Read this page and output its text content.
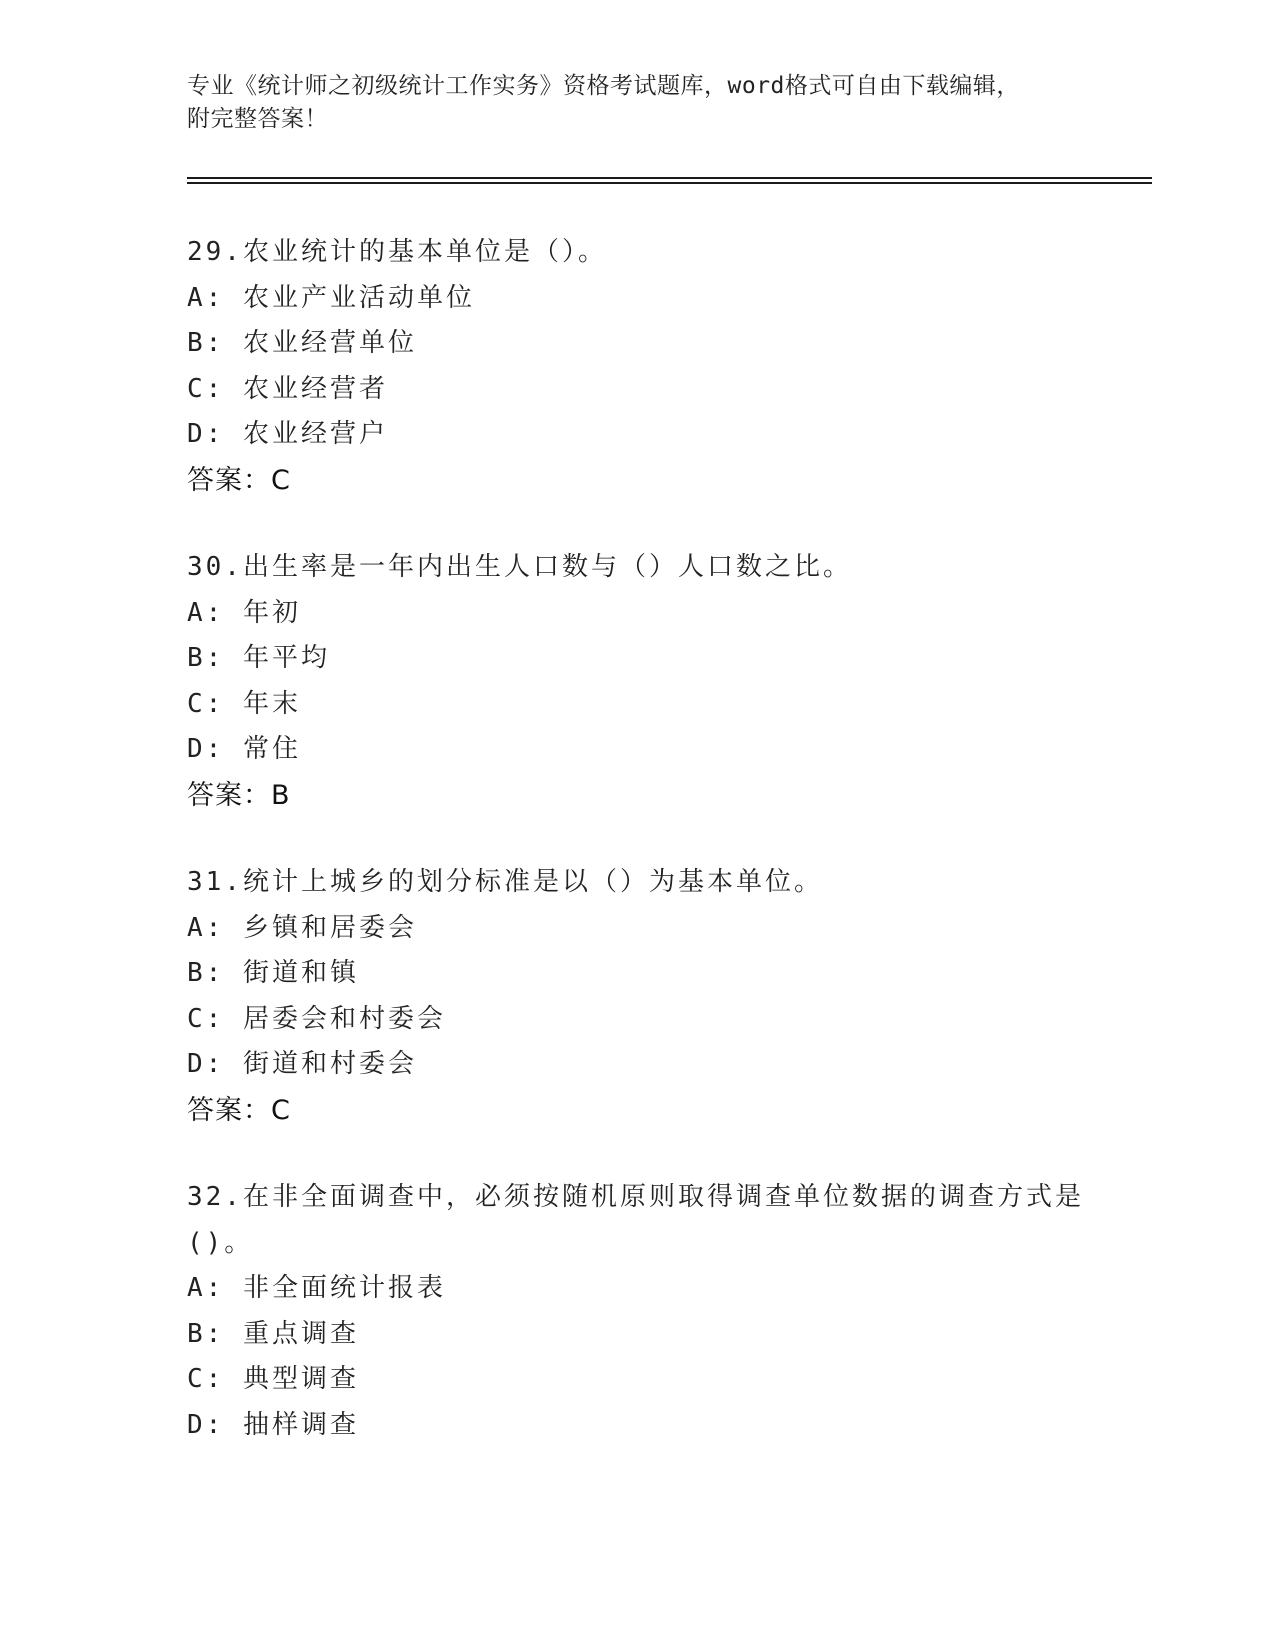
专业《统计师之初级统计工作实务》资格考试题库，word格式可自由下载编辑，
附完整答案！

29.农业统计的基本单位是（）。

A: 农业产业活动单位

B: 农业经营单位

C: 农业经营者

D: 农业经营户

答案：C

30.出生率是一年内出生人口数与（）人口数之比。

A: 年初

B: 年平均

C: 年末

D: 常住

答案：B

31.统计上城乡的划分标准是以（）为基本单位。

A: 乡镇和居委会

B: 街道和镇

C: 居委会和村委会

D: 街道和村委会

答案：C

32.在非全面调查中，必须按随机原则取得调查单位数据的调查方式是

()。

A: 非全面统计报表

B: 重点调查

C: 典型调查

D: 抽样调查
